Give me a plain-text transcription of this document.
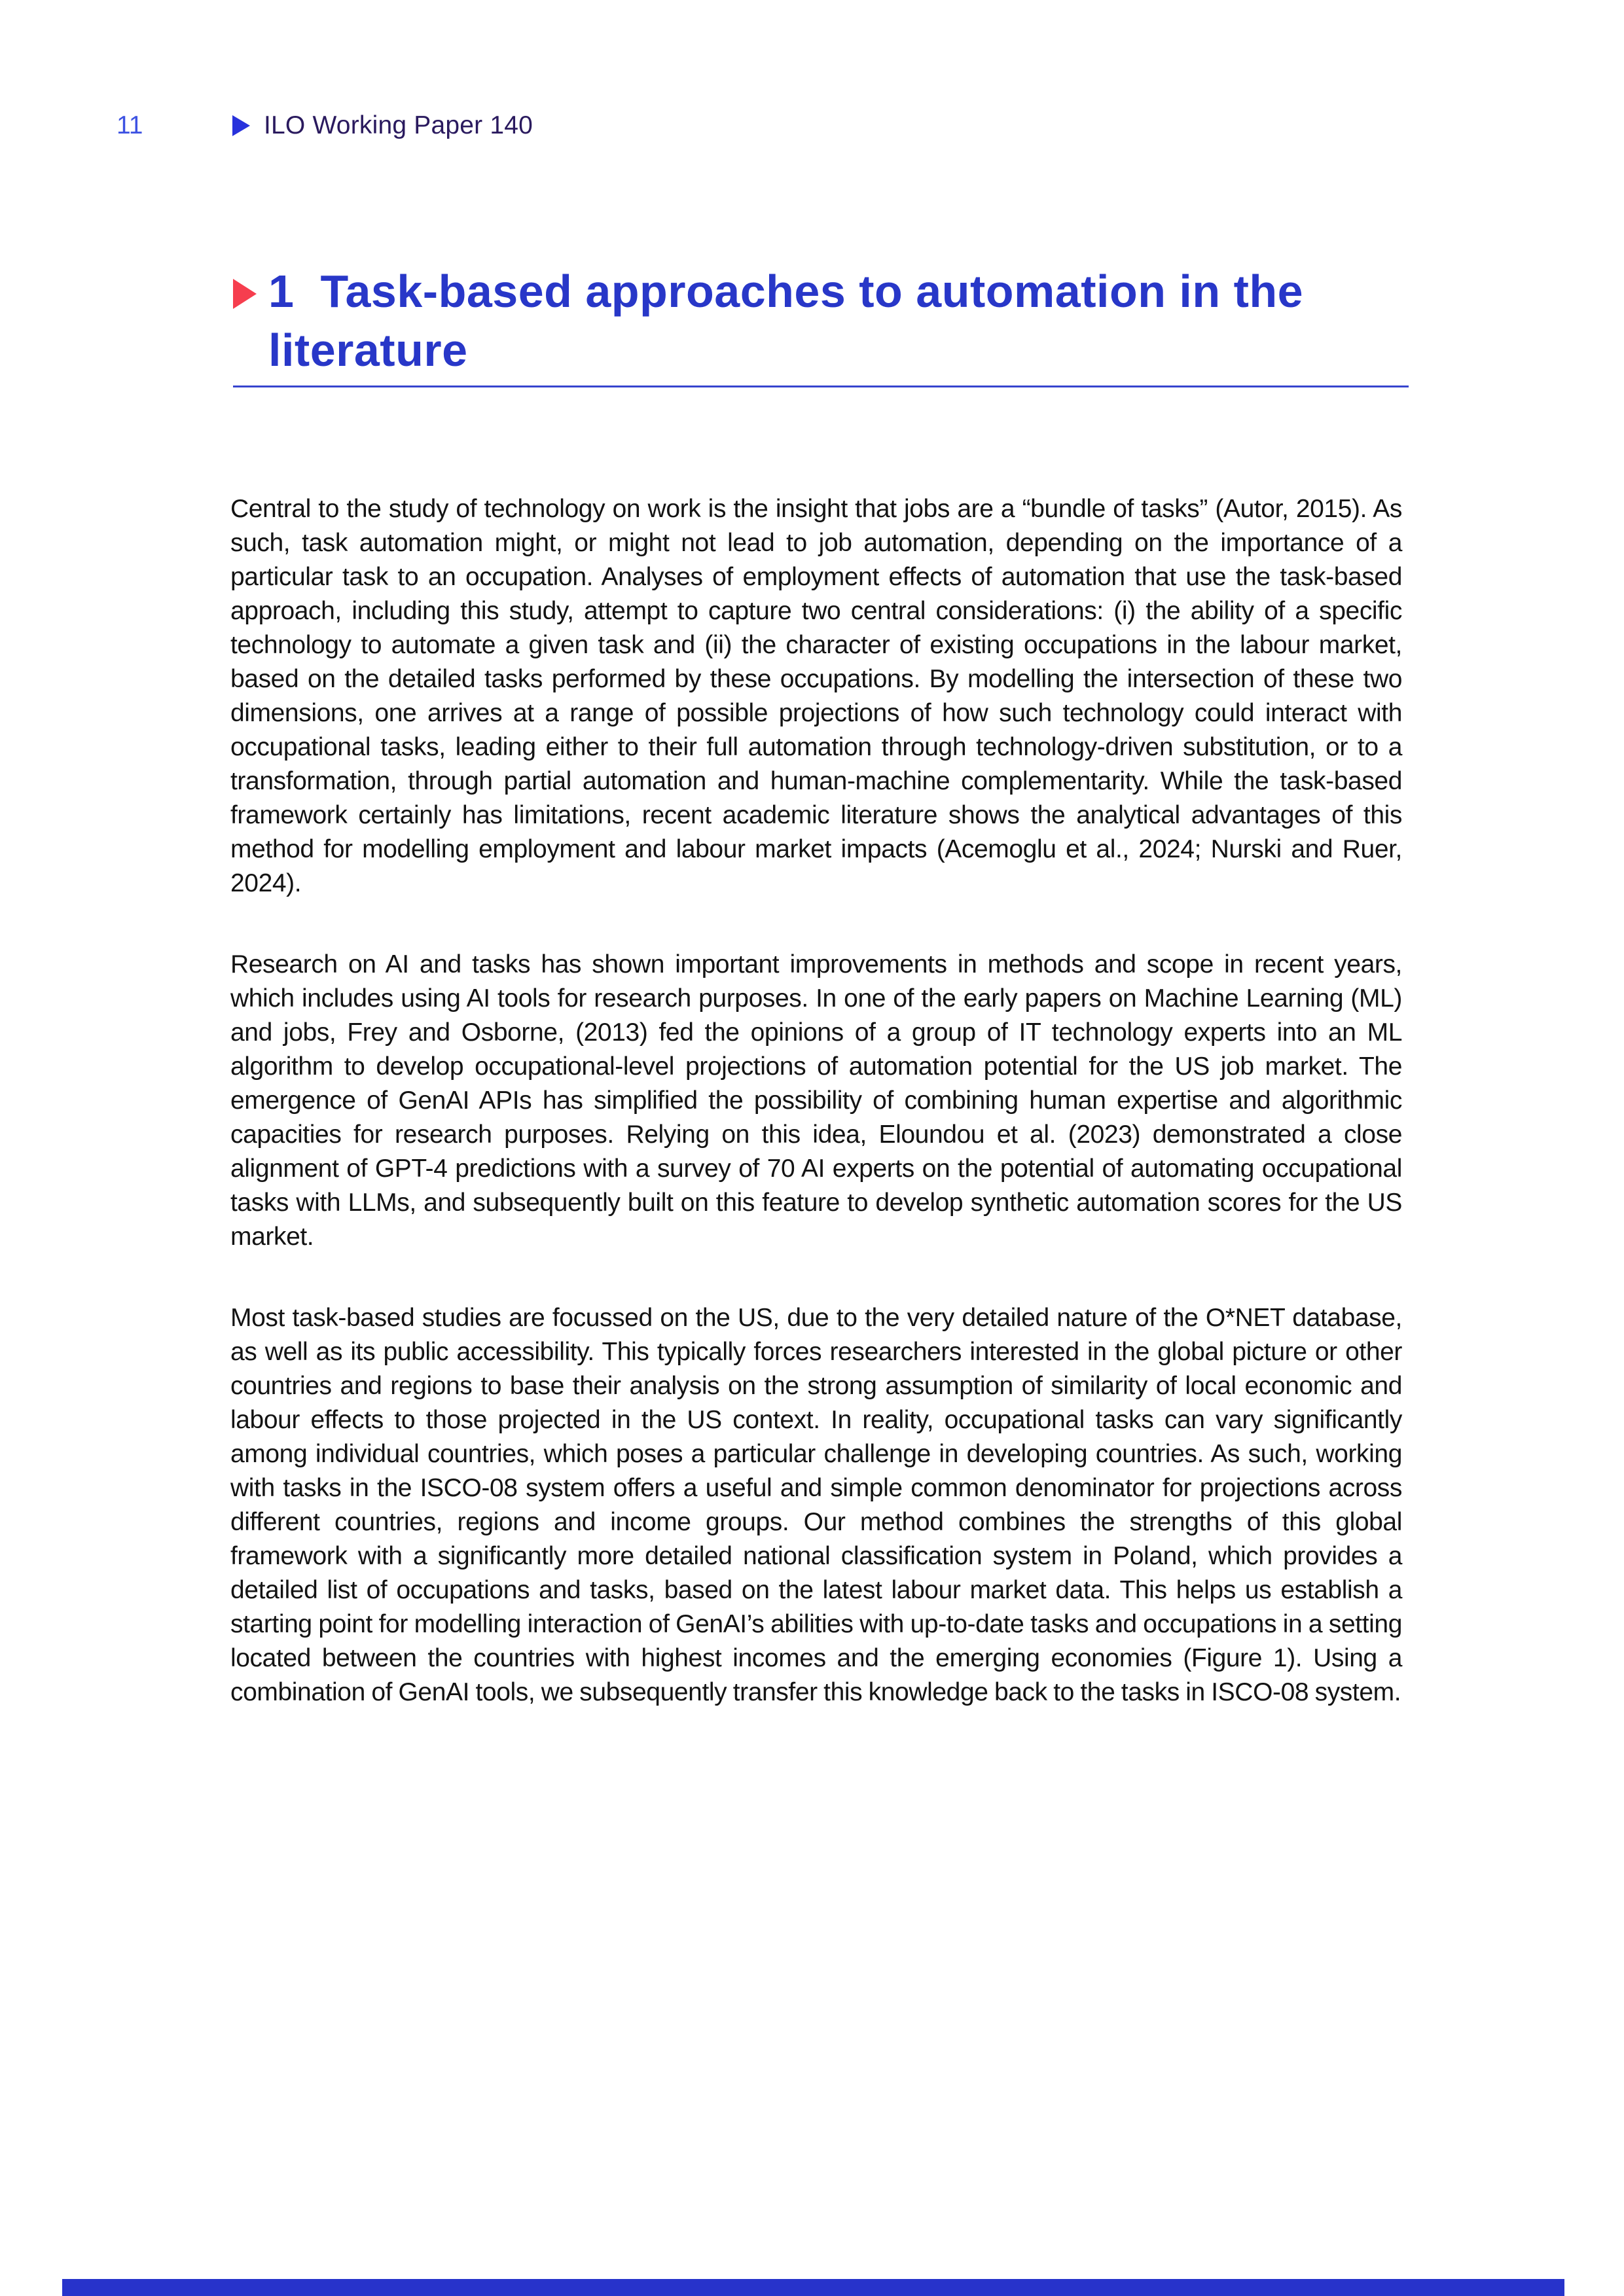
11	ILO Working Paper 140
1 Task-based approaches to automation in the literature

Central to the study of technology on work is the insight that jobs are a “bundle of tasks” (Autor, 2015). As such, task automation might, or might not lead to job automation, depending on the importance of a particular task to an occupation. Analyses of employment effects of automation that use the task-based approach, including this study, attempt to capture two central considerations: (i) the ability of a specific technology to automate a given task and (ii) the character of existing occupations in the labour market, based on the detailed tasks performed by these occupations. By modelling the intersection of these two dimensions, one arrives at a range of possible projections of how such technology could interact with occupational tasks, leading either to their full automation through technology-driven substitution, or to a transformation, through partial automation and human-machine complementarity. While the task-based framework certainly has limitations, recent academic literature shows the analytical advantages of this method for modelling employment and labour market impacts (Acemoglu et al., 2024; Nurski and Ruer, 2024).

Research on AI and tasks has shown important improvements in methods and scope in recent years, which includes using AI tools for research purposes. In one of the early papers on Machine Learning (ML) and jobs, Frey and Osborne, (2013) fed the opinions of a group of IT technology experts into an ML algorithm to develop occupational-level projections of automation potential for the US job market. The emergence of GenAI APIs has simplified the possibility of combining human expertise and algorithmic capacities for research purposes. Relying on this idea, Eloundou et al. (2023) demonstrated a close alignment of GPT-4 predictions with a survey of 70 AI experts on the potential of automating occupational tasks with LLMs, and subsequently built on this feature to develop synthetic automation scores for the US market.

Most task-based studies are focussed on the US, due to the very detailed nature of the O*NET database, as well as its public accessibility. This typically forces researchers interested in the global picture or other countries and regions to base their analysis on the strong assumption of similarity of local economic and labour effects to those projected in the US context. In reality, occupational tasks can vary significantly among individual countries, which poses a particular challenge in developing countries. As such, working with tasks in the ISCO-08 system offers a useful and simple common denominator for projections across different countries, regions and income groups. Our method combines the strengths of this global framework with a significantly more detailed national classification system in Poland, which provides a detailed list of occupations and tasks, based on the latest labour market data. This helps us establish a starting point for modelling interaction of GenAI’s abilities with up-to-date tasks and occupations in a setting located between the countries with highest incomes and the emerging economies (Figure 1). Using a combination of GenAI tools, we subsequently transfer this knowledge back to the tasks in ISCO-08 system.
